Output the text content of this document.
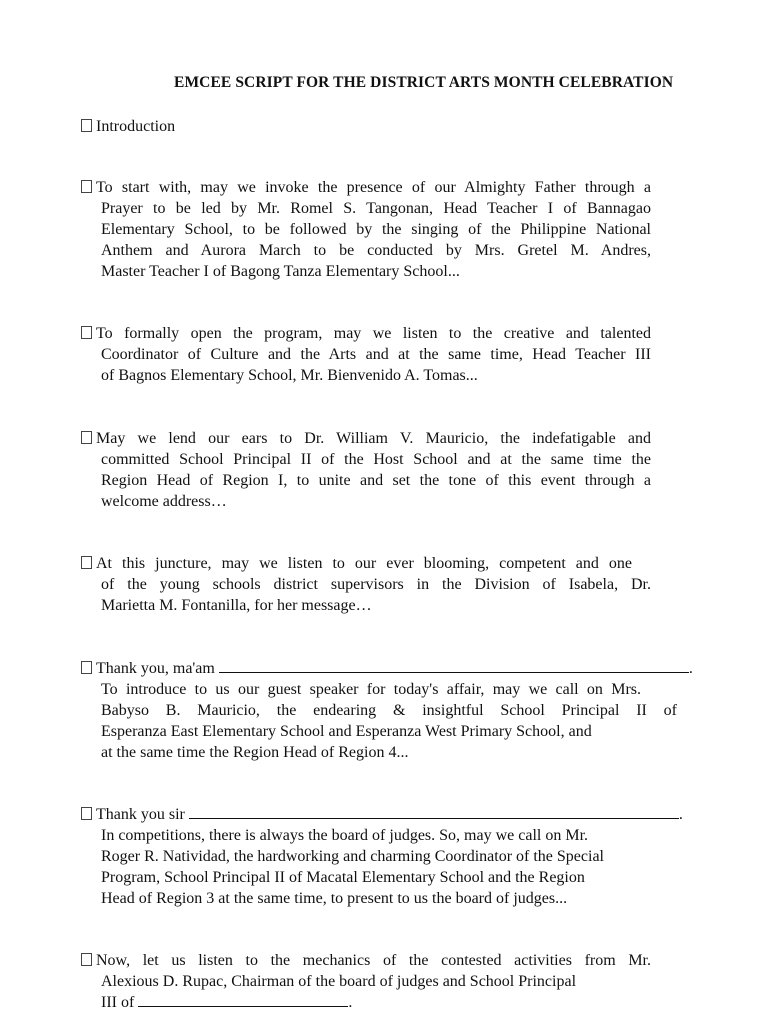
EMCEE SCRIPT FOR THE DISTRICT ARTS MONTH CELEBRATION
Introduction
To start with, may we invoke the presence of our Almighty Father through a
Prayer to be led by Mr. Romel S. Tangonan, Head Teacher I of Bannagao
Elementary School, to be followed by the singing of the Philippine National
Anthem and Aurora March to be conducted by Mrs. Gretel M. Andres,
Master Teacher I of Bagong Tanza Elementary School...
To formally open the program, may we listen to the creative and talented
Coordinator of Culture and the Arts and at the same time, Head Teacher III
of Bagnos Elementary School, Mr. Bienvenido A. Tomas...
May we lend our ears to Dr. William V. Mauricio, the indefatigable and
committed School Principal II of the Host School and at the same time the
Region Head of Region I, to unite and set the tone of this event through a
welcome address…
At this juncture, may we listen to our ever blooming, competent and one
of the young schools district supervisors in the Division of Isabela, Dr.
Marietta M. Fontanilla, for her message…
Thank you, ma'am	.
To introduce to us our guest speaker for today's affair, may we call on Mrs.
Babyso B. Mauricio, the endearing & insightful School Principal II of
Esperanza East Elementary School and Esperanza West Primary School, and
at the same time the Region Head of Region 4...
Thank you sir	.
In competitions, there is always the board of judges. So, may we call on Mr.
Roger R. Natividad, the hardworking and charming Coordinator of the Special
Program, School Principal II of Macatal Elementary School and the Region
Head of Region 3 at the same time, to present to us the board of judges...
Now, let us listen to the mechanics of the contested activities from Mr.
Alexious D. Rupac, Chairman of the board of judges and School Principal
III of	.
